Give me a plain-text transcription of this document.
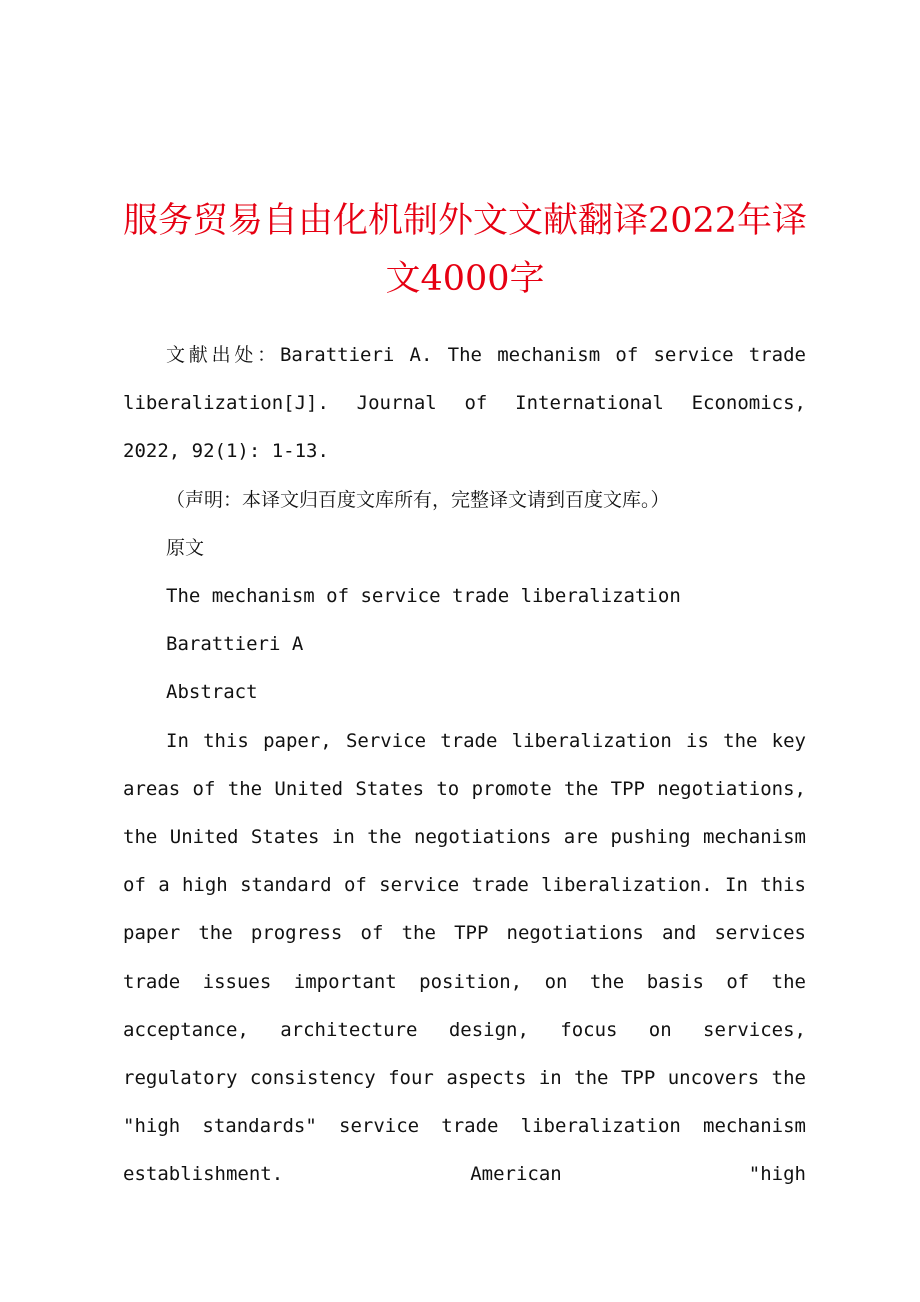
服务贸易自由化机制外文文献翻译2022年译文4000字

文献出处：Barattieri A. The mechanism of service trade liberalization[J]. Journal of International Economics, 2022, 92(1): 1-13.

（声明：本译文归百度文库所有，完整译文请到百度文库。）

原文

The mechanism of service trade liberalization

Barattieri A

Abstract

In this paper, Service trade liberalization is the key areas of the United States to promote the TPP negotiations, the United States in the negotiations are pushing mechanism of a high standard of service trade liberalization. In this paper the progress of the TPP negotiations and services trade issues important position, on the basis of the acceptance, architecture design, focus on services, regulatory consistency four aspects in the TPP uncovers the "high standards" service trade liberalization mechanism establishment. American "high
